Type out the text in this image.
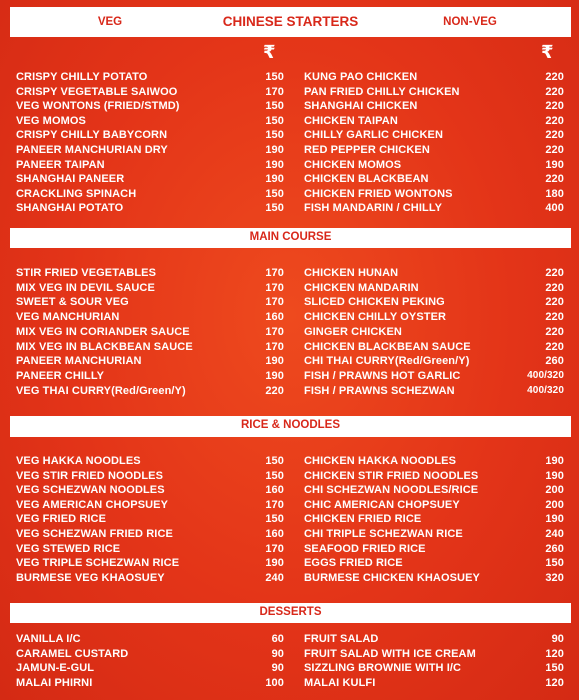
VEG	CHINESE STARTERS	NON-VEG
₹	₹
MAIN COURSE
RICE & NOODLES
DESSERTS
CRISPY CHILLY POTATO	150 KUNG PAO CHICKEN	220
CRISPY VEGETABLE SAIWOO	170 PAN FRIED CHILLY CHICKEN	220
VEG WONTONS (FRIED/STMD)	150 SHANGHAI CHICKEN	220
VEG MOMOS	150 CHICKEN TAIPAN	220
CRISPY CHILLY BABYCORN	150 CHILLY GARLIC CHICKEN	220
PANEER MANCHURIAN DRY	190 RED PEPPER CHICKEN	220
PANEER TAIPAN	190 CHICKEN MOMOS	190
SHANGHAI PANEER	190 CHICKEN BLACKBEAN	220
CRACKLING SPINACH	150 CHICKEN FRIED WONTONS	180
SHANGHAI POTATO	150 FISH MANDARIN / CHILLY	400
STIR FRIED VEGETABLES	170 CHICKEN HUNAN	220
MIX VEG IN DEVIL SAUCE	170 CHICKEN MANDARIN	220
SWEET & SOUR VEG	170 SLICED CHICKEN PEKING	220
VEG MANCHURIAN	160 CHICKEN CHILLY OYSTER	220
MIX VEG IN CORIANDER SAUCE	170 GINGER CHICKEN	220
MIX VEG IN BLACKBEAN SAUCE	170 CHICKEN BLACKBEAN SAUCE	220
PANEER MANCHURIAN	190 CHI THAI CURRY(Red/Green/Y)	260
PANEER CHILLY	190 FISH / PRAWNS HOT GARLIC	400/320
VEG THAI CURRY(Red/Green/Y)	220 FISH / PRAWNS SCHEZWAN	400/320
VEG HAKKA NOODLES	150 CHICKEN HAKKA NOODLES	190
VEG STIR FRIED NOODLES	150 CHICKEN STIR FRIED NOODLES	190
VEG SCHEZWAN NOODLES	160 CHI SCHEZWAN NOODLES/RICE	200
VEG AMERICAN CHOPSUEY	170 CHIC AMERICAN CHOPSUEY	200
VEG FRIED RICE	150 CHICKEN FRIED RICE	190
VEG SCHEZWAN FRIED RICE	160 CHI TRIPLE SCHEZWAN RICE	240
VEG STEWED RICE	170 SEAFOOD FRIED RICE	260
VEG TRIPLE SCHEZWAN RICE	190 EGGS FRIED RICE	150
BURMESE VEG KHAOSUEY	240 BURMESE CHICKEN KHAOSUEY	320
VANILLA I/C	60 FRUIT SALAD	90
CARAMEL CUSTARD	90 FRUIT SALAD WITH ICE CREAM	120
JAMUN-E-GUL	90 SIZZLING BROWNIE WITH I/C	150
MALAI PHIRNI	100 MALAI KULFI	120
